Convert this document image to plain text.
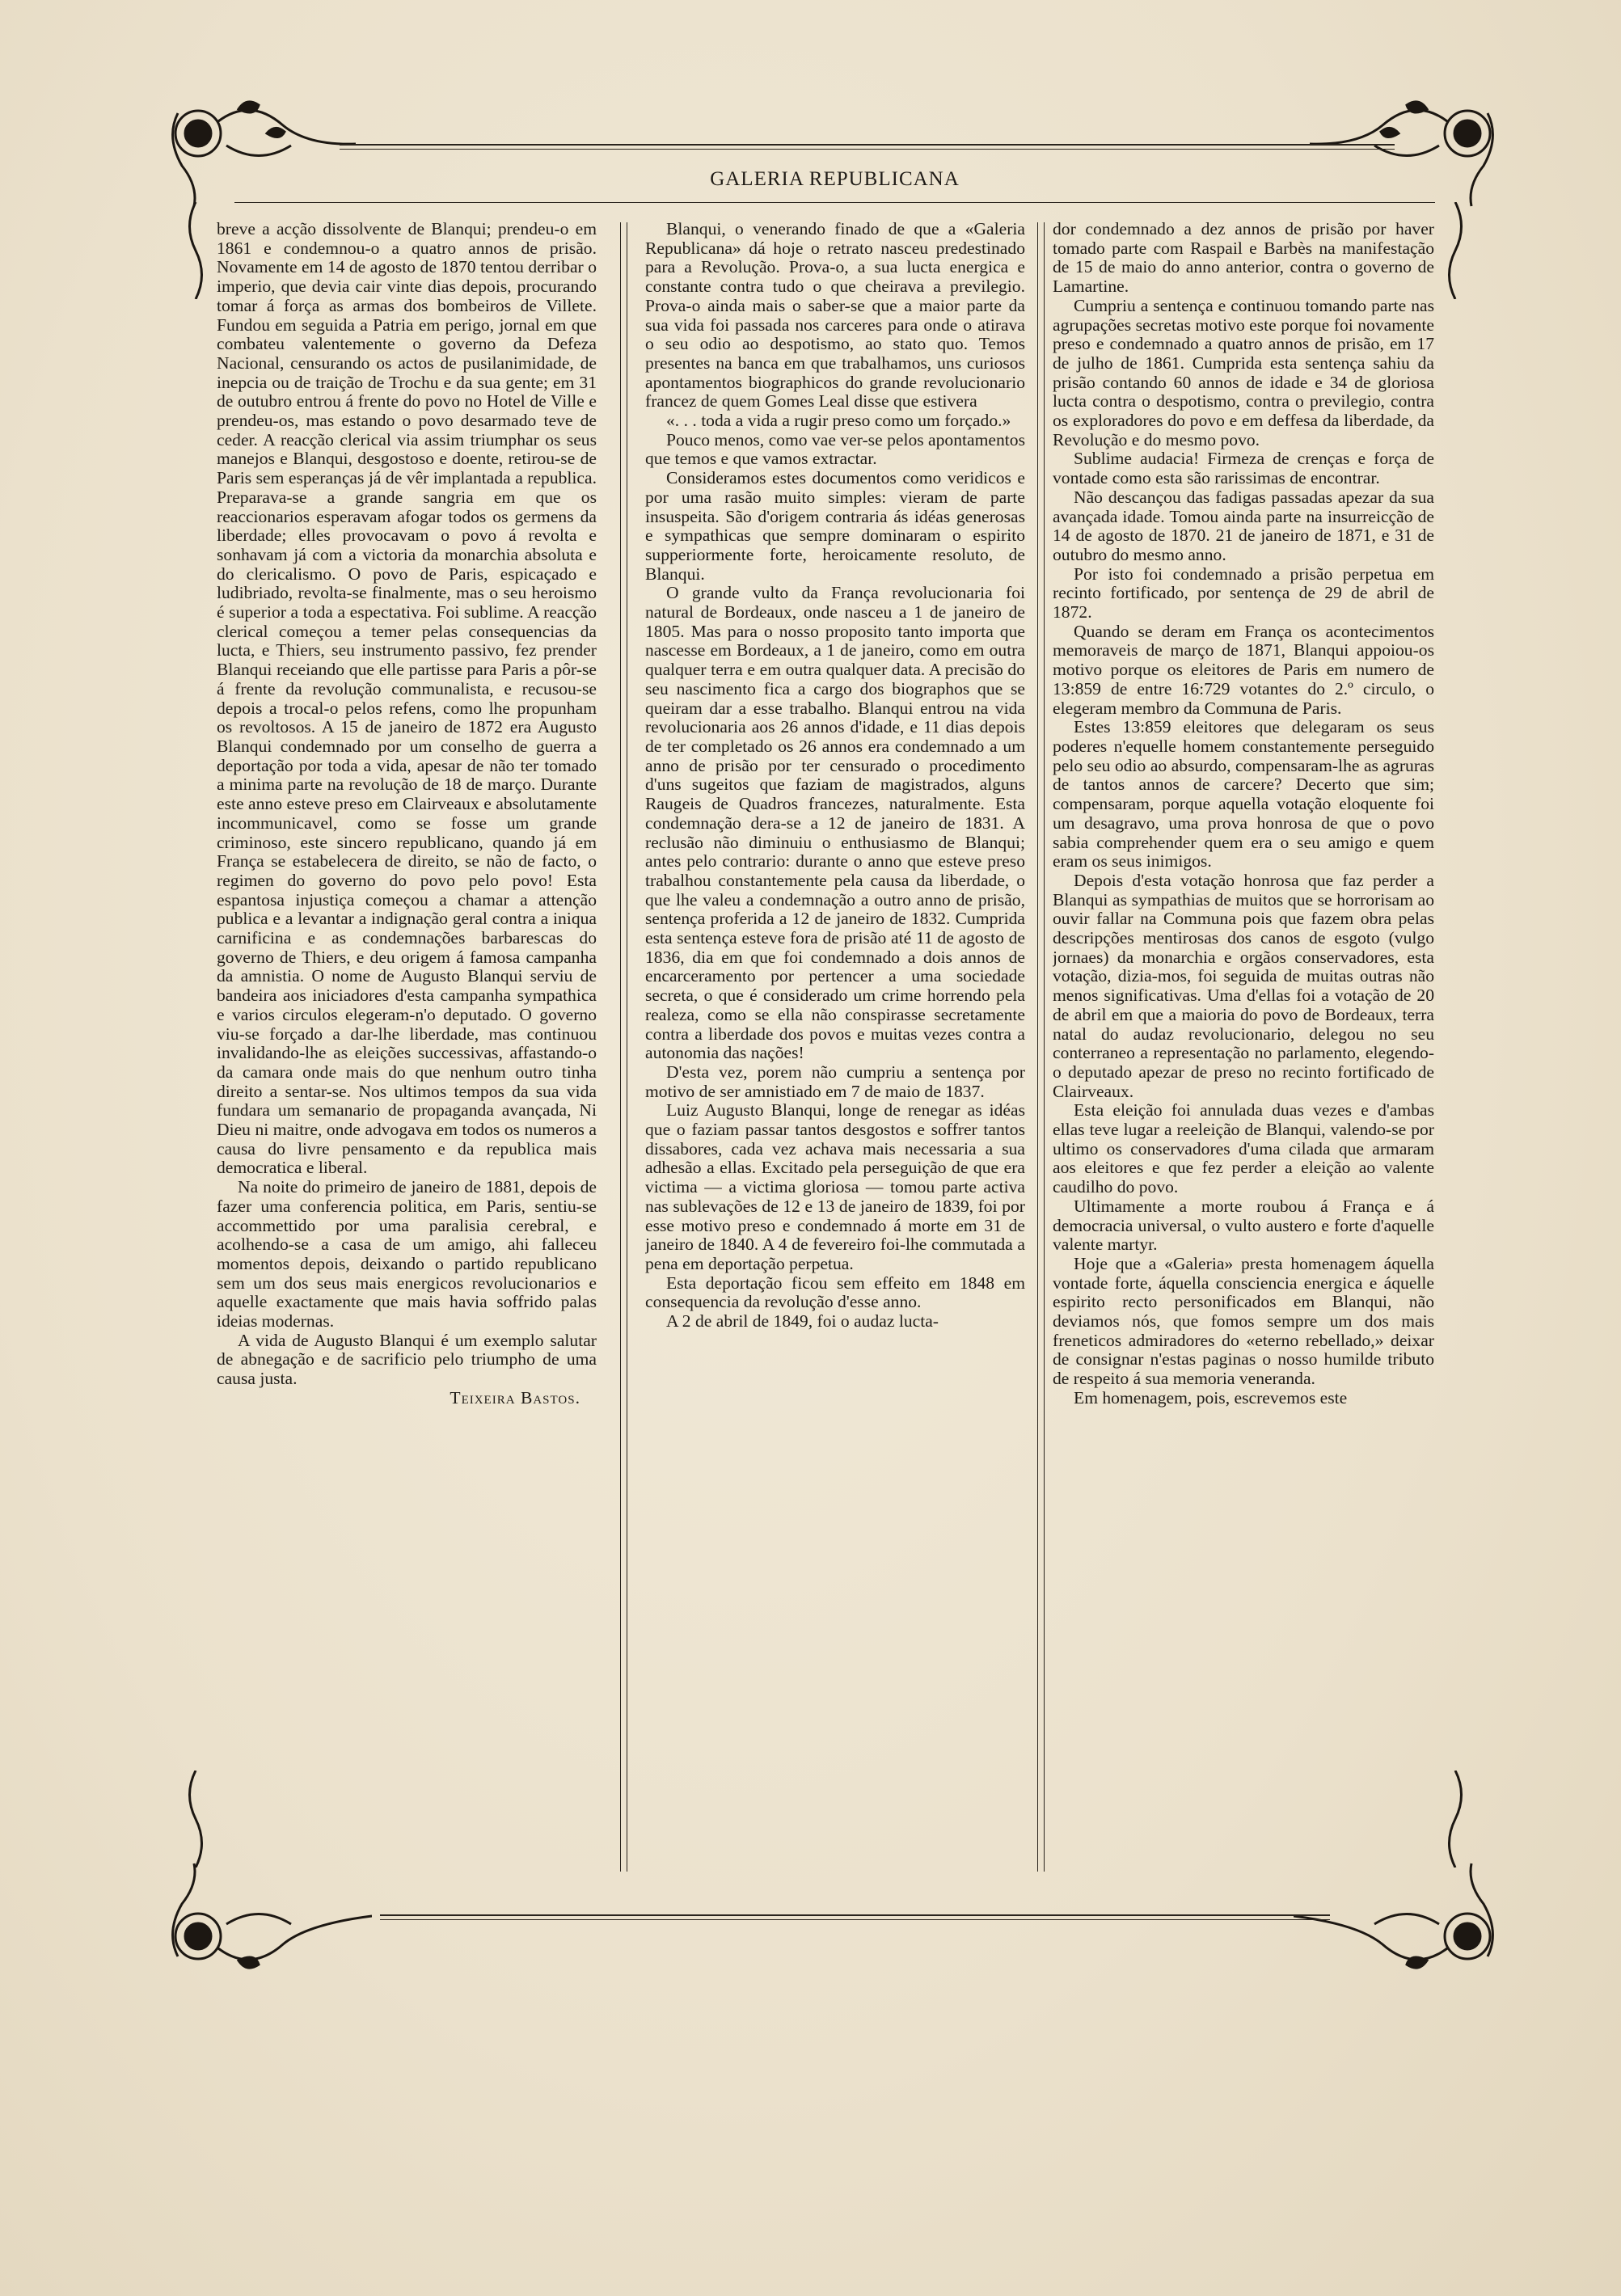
GALERIA REPUBLICANA

breve a acção dissolvente de Blanqui; prendeu-o em 1861 e condemnou-o a quatro annos de prisão. Novamente em 14 de agosto de 1870 tentou derribar o imperio, que devia cair vinte dias depois, procurando tomar á força as armas dos bombeiros de Villete. Fundou em seguida a Patria em perigo, jornal em que combateu valentemente o governo da Defeza Nacional, censurando os actos de pusilanimidade, de inepcia ou de traição de Trochu e da sua gente; em 31 de outubro entrou á frente do povo no Hotel de Ville e prendeu-os, mas estando o povo desarmado teve de ceder. A reacção clerical via assim triumphar os seus manejos e Blanqui, desgostoso e doente, retirou-se de Paris sem esperanças já de vêr implantada a republica. Preparava-se a grande sangria em que os reaccionarios esperavam afogar todos os germens da liberdade; elles provocavam o povo á revolta e sonhavam já com a victoria da monarchia absoluta e do clericalismo. O povo de Paris, espicaçado e ludibriado, revolta-se finalmente, mas o seu heroismo é superior a toda a espectativa. Foi sublime. A reacção clerical começou a temer pelas consequencias da lucta, e Thiers, seu instrumento passivo, fez prender Blanqui receiando que elle partisse para Paris a pôr-se á frente da revolução communalista, e recusou-se depois a trocal-o pelos refens, como lhe propunham os revoltosos. A 15 de janeiro de 1872 era Augusto Blanqui condemnado por um conselho de guerra a deportação por toda a vida, apesar de não ter tomado a minima parte na revolução de 18 de março. Durante este anno esteve preso em Clairveaux e absolutamente incommunicavel, como se fosse um grande criminoso, este sincero republicano, quando já em França se estabelecera de direito, se não de facto, o regimen do governo do povo pelo povo! Esta espantosa injustiça começou a chamar a attenção publica e a levantar a indignação geral contra a iniqua carnificina e as condemnações barbarescas do governo de Thiers, e deu origem á famosa campanha da amnistia. O nome de Augusto Blanqui serviu de bandeira aos iniciadores d'esta campanha sympathica e varios circulos elegeram-n'o deputado. O governo viu-se forçado a dar-lhe liberdade, mas continuou invalidando-lhe as eleições successivas, affastando-o da camara onde mais do que nenhum outro tinha direito a sentar-se. Nos ultimos tempos da sua vida fundara um semanario de propaganda avançada, Ni Dieu ni maitre, onde advogava em todos os numeros a causa do livre pensamento e da republica mais democratica e liberal.

Na noite do primeiro de janeiro de 1881, depois de fazer uma conferencia politica, em Paris, sentiu-se accommettido por uma paralisia cerebral, e acolhendo-se a casa de um amigo, ahi falleceu momentos depois, deixando o partido republicano sem um dos seus mais energicos revolucionarios e aquelle exactamente que mais havia soffrido palas ideias modernas.

A vida de Augusto Blanqui é um exemplo salutar de abnegação e de sacrificio pelo triumpho de uma causa justa.

Teixeira Bastos.

Blanqui, o venerando finado de que a «Galeria Republicana» dá hoje o retrato nasceu predestinado para a Revolução. Prova-o, a sua lucta energica e constante contra tudo o que cheirava a previlegio. Prova-o ainda mais o saber-se que a maior parte da sua vida foi passada nos carceres para onde o atirava o seu odio ao despotismo, ao stato quo. Temos presentes na banca em que trabalhamos, uns curiosos apontamentos biographicos do grande revolucionario francez de quem Gomes Leal disse que estivera

«. . . toda a vida a rugir preso como um forçado.»

Pouco menos, como vae ver-se pelos apontamentos que temos e que vamos extractar.

Consideramos estes documentos como veridicos e por uma rasão muito simples: vieram de parte insuspeita. São d'origem contraria ás idéas generosas e sympathicas que sempre dominaram o espirito supperiormente forte, heroicamente resoluto, de Blanqui.

O grande vulto da França revolucionaria foi natural de Bordeaux, onde nasceu a 1 de janeiro de 1805. Mas para o nosso proposito tanto importa que nascesse em Bordeaux, a 1 de janeiro, como em outra qualquer terra e em outra qualquer data. A precisão do seu nascimento fica a cargo dos biographos que se queiram dar a esse trabalho. Blanqui entrou na vida revolucionaria aos 26 annos d'idade, e 11 dias depois de ter completado os 26 annos era condemnado a um anno de prisão por ter censurado o procedimento d'uns sugeitos que faziam de magistrados, alguns Raugeis de Quadros francezes, naturalmente. Esta condemnação dera-se a 12 de janeiro de 1831. A reclusão não diminuiu o enthusiasmo de Blanqui; antes pelo contrario: durante o anno que esteve preso trabalhou constantemente pela causa da liberdade, o que lhe valeu a condemnação a outro anno de prisão, sentença proferida a 12 de janeiro de 1832. Cumprida esta sentença esteve fora de prisão até 11 de agosto de 1836, dia em que foi condemnado a dois annos de encarceramento por pertencer a uma sociedade secreta, o que é considerado um crime horrendo pela realeza, como se ella não conspirasse secretamente contra a liberdade dos povos e muitas vezes contra a autonomia das nações!

D'esta vez, porem não cumpriu a sentença por motivo de ser amnistiado em 7 de maio de 1837.

Luiz Augusto Blanqui, longe de renegar as idéas que o faziam passar tantos desgostos e soffrer tantos dissabores, cada vez achava mais necessaria a sua adhesão a ellas. Excitado pela perseguição de que era victima — a victima gloriosa — tomou parte activa nas sublevações de 12 e 13 de janeiro de 1839, foi por esse motivo preso e condemnado á morte em 31 de janeiro de 1840. A 4 de fevereiro foi-lhe commutada a pena em deportação perpetua.

Esta deportação ficou sem effeito em 1848 em consequencia da revolução d'esse anno.

A 2 de abril de 1849, foi o audaz lucta-

dor condemnado a dez annos de prisão por haver tomado parte com Raspail e Barbès na manifestação de 15 de maio do anno anterior, contra o governo de Lamartine.

Cumpriu a sentença e continuou tomando parte nas agrupações secretas motivo este porque foi novamente preso e condemnado a quatro annos de prisão, em 17 de julho de 1861. Cumprida esta sentença sahiu da prisão contando 60 annos de idade e 34 de gloriosa lucta contra o despotismo, contra o previlegio, contra os exploradores do povo e em deffesa da liberdade, da Revolução e do mesmo povo.

Sublime audacia! Firmeza de crenças e força de vontade como esta são rarissimas de encontrar.

Não descançou das fadigas passadas apezar da sua avançada idade. Tomou ainda parte na insurreicção de 14 de agosto de 1870. 21 de janeiro de 1871, e 31 de outubro do mesmo anno.

Por isto foi condemnado a prisão perpetua em recinto fortificado, por sentença de 29 de abril de 1872.

Quando se deram em França os acontecimentos memoraveis de março de 1871, Blanqui appoiou-os motivo porque os eleitores de Paris em numero de 13:859 de entre 16:729 votantes do 2.º circulo, o elegeram membro da Communa de Paris.

Estes 13:859 eleitores que delegaram os seus poderes n'equelle homem constantemente perseguido pelo seu odio ao absurdo, compensaram-lhe as agruras de tantos annos de carcere? Decerto que sim; compensaram, porque aquella votação eloquente foi um desagravo, uma prova honrosa de que o povo sabia comprehender quem era o seu amigo e quem eram os seus inimigos.

Depois d'esta votação honrosa que faz perder a Blanqui as sympathias de muitos que se horrorisam ao ouvir fallar na Communa pois que fazem obra pelas descripções mentirosas dos canos de esgoto (vulgo jornaes) da monarchia e orgãos conservadores, esta votação, dizia-mos, foi seguida de muitas outras não menos significativas. Uma d'ellas foi a votação de 20 de abril em que a maioria do povo de Bordeaux, terra natal do audaz revolucionario, delegou no seu conterraneo a representação no parlamento, elegendo-o deputado apezar de preso no recinto fortificado de Clairveaux.

Esta eleição foi annulada duas vezes e d'ambas ellas teve lugar a reeleição de Blanqui, valendo-se por ultimo os conservadores d'uma cilada que armaram aos eleitores e que fez perder a eleição ao valente caudilho do povo.

Ultimamente a morte roubou á França e á democracia universal, o vulto austero e forte d'aquelle valente martyr.

Hoje que a «Galeria» presta homenagem áquella vontade forte, áquella consciencia energica e áquelle espirito recto personificados em Blanqui, não deviamos nós, que fomos sempre um dos mais freneticos admiradores do «eterno rebellado,» deixar de consignar n'estas paginas o nosso humilde tributo de respeito á sua memoria veneranda.

Em homenagem, pois, escrevemos este
